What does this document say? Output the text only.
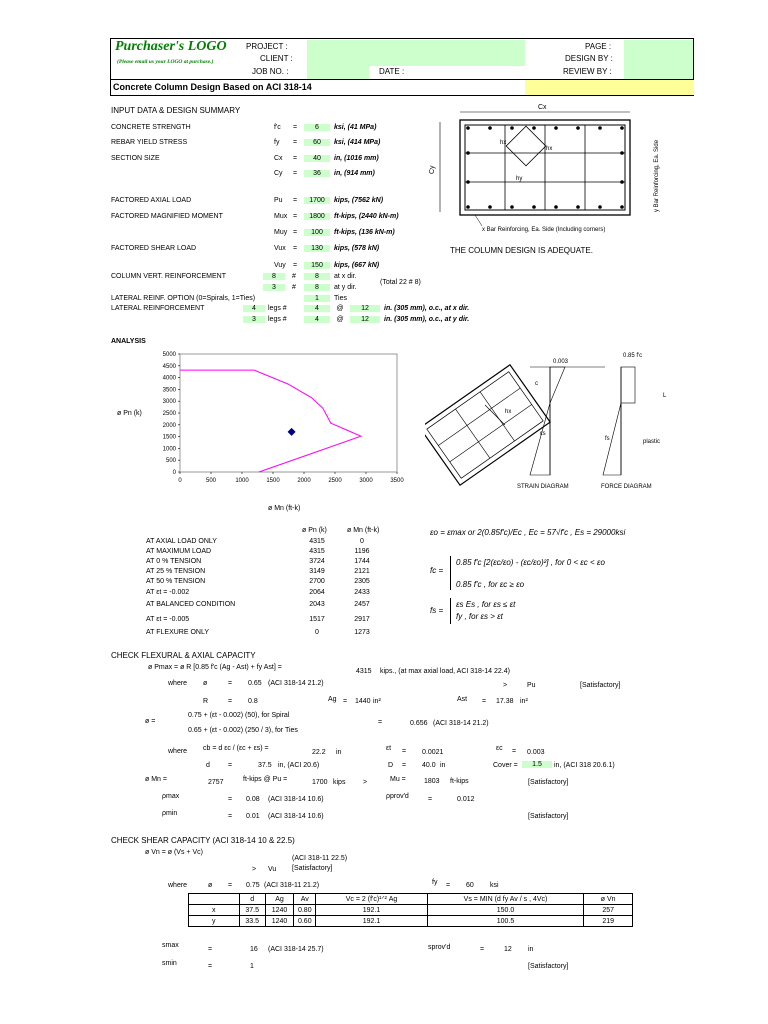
Purchaser's LOGO
(Please email us your LOGO at purchase.)
PROJECT :
CLIENT :
JOB NO. :	DATE :
PAGE :
DESIGN BY :
REVIEW BY :
Concrete Column Design Based on ACI 318-14
INPUT DATA & DESIGN SUMMARY
CONCRETE STRENGTH	f'c =	6	ksi, (41 MPa)
REBAR YIELD STRESS	fy =	60	ksi, (414 MPa)
SECTION SIZE	Cx =	40	in, (1016 mm)
Cy =	36	in, (914 mm)
FACTORED AXIAL LOAD	Pu =	1700	kips, (7562 kN)
FACTORED MAGNIFIED MOMENT	Mux =	1800	ft-kips, (2440 kN-m)
Muy =	100	ft-kips, (136 kN-m)
FACTORED SHEAR LOAD	Vux =	130	kips, (578 kN)
Vuy =	150	kips, (667 kN)
COLUMN VERT. REINFORCEMENT	8	#	8	at x dir.
3	#	8	at y dir.
(Total 22 # 8)
LATERAL REINF. OPTION (0=Spirals, 1=Ties)	1	Ties
LATERAL REINFORCEMENT	4	legs #	4	@	12	in. (305 mm), o.c., at x dir.
3	legs #	4	@	12	in. (305 mm), o.c., at y dir.
THE COLUMN DESIGN IS ADEQUATE.
Cx
Cy
hx
hx
hy
x Bar Reinforcing, Ea. Side (Including corners)
y Bar Reinforcing, Ea. Side
ANALYSIS
ø Pn (k)
ø Mn (ft-k)
0
500
1000
1500
2000
2500
3000
3500
4000
4500
5000
0	500	1000	1500	2000	2500	3000	3500
hx
0.003
c
εs
0.85 f'c
fs	plastic
L
STRAIN DIAGRAM	FORCE DIAGRAM
ø Pn (k)	ø Mn (ft-k)
AT AXIAL LOAD ONLY	4315	0
AT MAXIMUM LOAD	4315	1196
AT 0 % TENSION	3724	1744
AT 25 % TENSION	3149	2121
AT 50 % TENSION	2700	2305
AT εt = -0.002	2064	2433
AT BALANCED CONDITION	2043	2457
AT εt = -0.005	1517	2917
AT FLEXURE ONLY	0	1273
εo = εmax or 2(0.85f'c)/Ec , Ec = 57√f'c , Es = 29000ksi
fc =
0.85 f'c [2(εc/εo) - (εc/εo)²] , for 0 < εc < εo
0.85 f'c , for εc ≥ εo
fs =
εs Es , for εs ≤ εt
fy , for εs > εt
CHECK FLEXURAL & AXIAL CAPACITY
ø Pmax = ø R [0.85 f'c (Ag - Ast) + fy Ast] =
4315 kips., (at max axial load, ACI 318-14 22.4)
where ø	= 0.65 (ACI 318-14 21.2)	>	Pu	[Satisfactory]
R	= 0.8	Ag = 1440 in²	Ast = 17.38 in²
ø =
0.75 + (εt - 0.002) (50), for Spiral
0.65 + (εt - 0.002) (250 / 3), for Ties
=	0.656 (ACI 318-14 21.2)
where cb = d εc / (εc + εs) =
22.2 in
εt = 0.0021
εc = 0.003
d	=	37.5 in, (ACI 20.6)	D = 40.0 in	Cover =	1.5	in, (ACI 318 20.6.1)
ø Mn =	2757	ft-kips @ Pu =	1700 kips	>	Mu =	1803 ft-kips	[Satisfactory]
ρmax	= 0.08 (ACI 318-14 10.6)	ρprov'd	=	0.012
ρmin	= 0.01 (ACI 318-14 10.6)	[Satisfactory]
CHECK SHEAR CAPACITY (ACI 318-14 10 & 22.5)
ø Vn = ø (Vs + Vc)
(ACI 318-11 22.5)
> Vu [Satisfactory]
where	ø = 0.75 (ACI 318-11 21.2)	fy = 60 ksi
	d	Ag	Av	Vc = 2 (f'c)¹ᐟ² Ag	Vs = MIN (d fy Av / s , 4Vc)	ø Vn
x	37.5	1240	0.80	192.1	150.0	257
y	33.5	1240	0.60	192.1	100.5	219
smax
=	16 (ACI 318-14 25.7)	sprov'd	=	12 in
smin	=	1	[Satisfactory]
